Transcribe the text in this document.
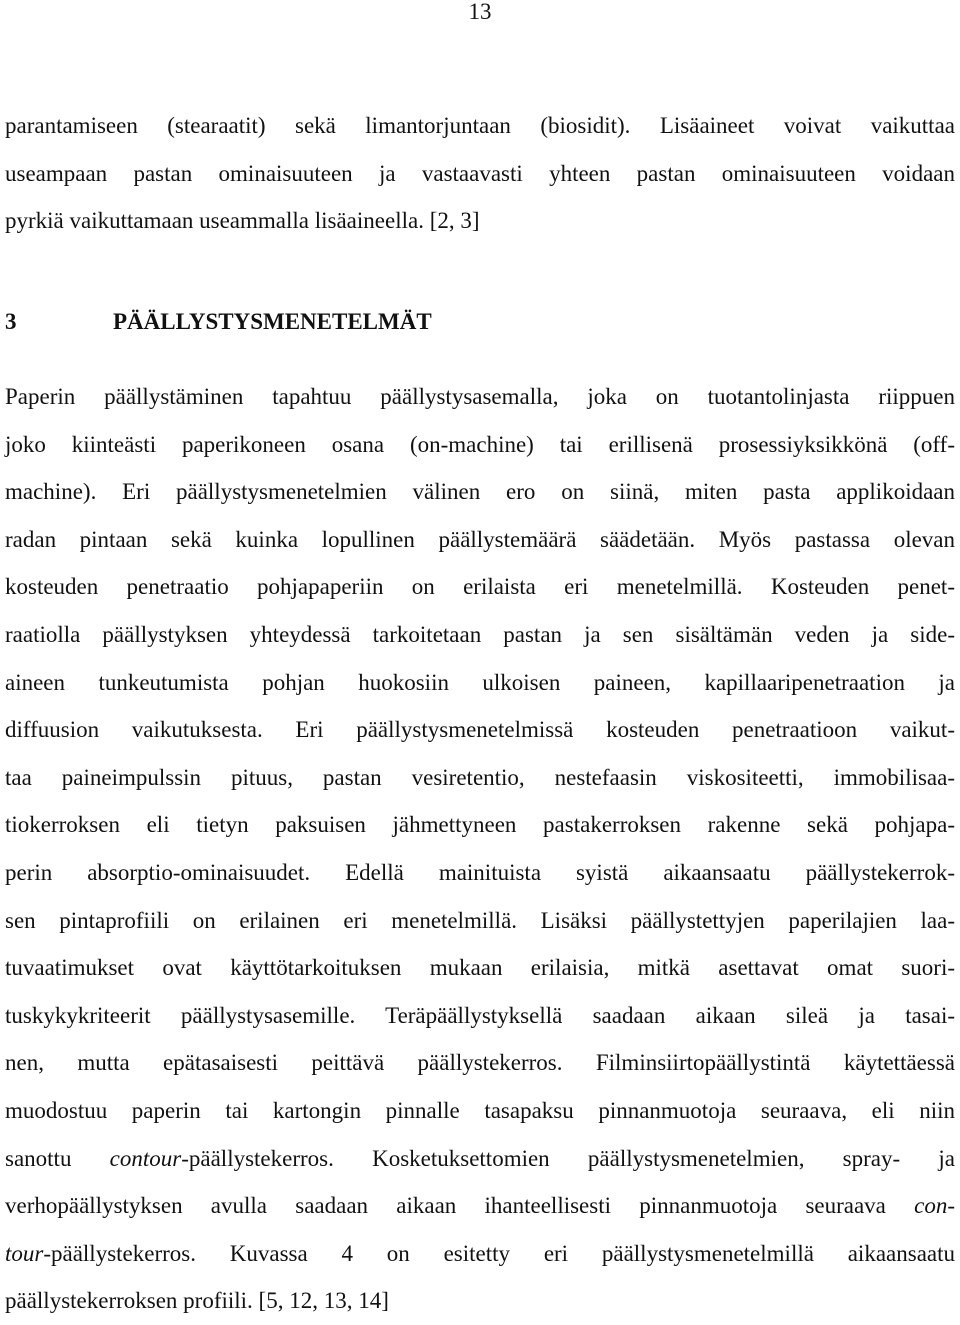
13
parantamiseen (stearaatit) sekä limantorjuntaan (biosidit). Lisäaineet voivat vaikuttaa
useampaan pastan ominaisuuteen ja vastaavasti yhteen pastan ominaisuuteen voidaan
pyrkiä vaikuttamaan useammalla lisäaineella. [2, 3]
3	PÄÄLLYSTYSMENETELMÄT
Paperin päällystäminen tapahtuu päällystysasemalla, joka on tuotantolinjasta riippuen
joko kiinteästi paperikoneen osana (on-machine) tai erillisenä prosessiyksikkönä (off-
machine). Eri päällystysmenetelmien välinen ero on siinä, miten pasta applikoidaan
radan pintaan sekä kuinka lopullinen päällystemäärä säädetään. Myös pastassa olevan
kosteuden penetraatio pohjapaperiin on erilaista eri menetelmillä. Kosteuden penet-
raatiolla päällystyksen yhteydessä tarkoitetaan pastan ja sen sisältämän veden ja side-
aineen tunkeutumista pohjan huokosiin ulkoisen paineen, kapillaaripenetraation ja
diffuusion vaikutuksesta. Eri päällystysmenetelmissä kosteuden penetraatioon vaikut-
taa paineimpulssin pituus, pastan vesiretentio, nestefaasin viskositeetti, immobilisaa-
tiokerroksen eli tietyn paksuisen jähmettyneen pastakerroksen rakenne sekä pohjapa-
perin absorptio-ominaisuudet. Edellä mainituista syistä aikaansaatu päällystekerrok-
sen pintaprofiili on erilainen eri menetelmillä. Lisäksi päällystettyjen paperilajien laa-
tuvaatimukset ovat käyttötarkoituksen mukaan erilaisia, mitkä asettavat omat suori-
tuskykykriteerit päällystysasemille. Teräpäällystyksellä saadaan aikaan sileä ja tasai-
nen, mutta epätasaisesti peittävä päällystekerros. Filminsiirtopäällystintä käytettäessä
muodostuu paperin tai kartongin pinnalle tasapaksu pinnanmuotoja seuraava, eli niin
sanottu contour-päällystekerros. Kosketuksettomien päällystysmenetelmien, spray- ja
verhopäällystyksen avulla saadaan aikaan ihanteellisesti pinnanmuotoja seuraava con-
tour-päällystekerros. Kuvassa 4 on esitetty eri päällystysmenetelmillä aikaansaatu
päällystekerroksen profiili. [5, 12, 13, 14]
